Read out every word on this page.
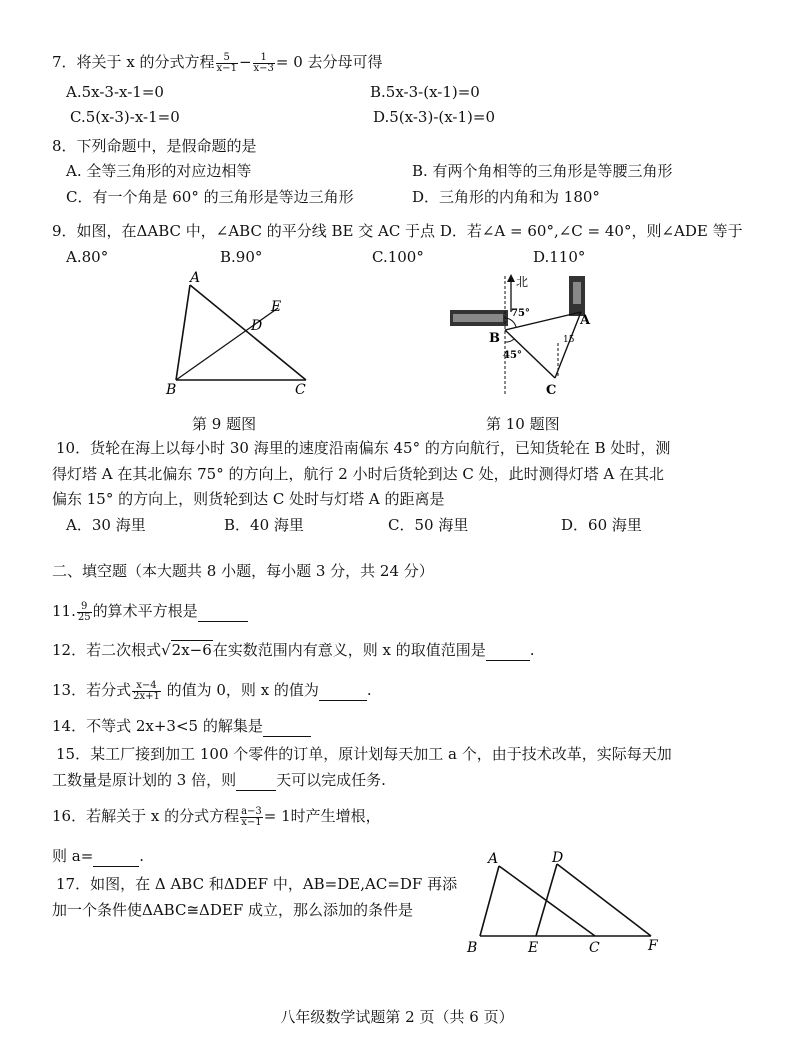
7．将关于 x 的分式方程 $\frac{5}{x-1} - \frac{1}{x-3} = 0$ 去分母可得
A.5x-3-x-1=0	B.5x-3-(x-1)=0
C.5(x-3)-x-1=0	D.5(x-3)-(x-1)=0
8．下列命题中，是假命题的是
A. 全等三角形的对应边相等	B. 有两个角相等的三角形是等腰三角形
C．有一个角是 60° 的三角形是等边三角形	D．三角形的内角和为 180°
9．如图，在ΔABC 中，∠ABC 的平分线 BE 交 AC 于点 D．若∠A = 60°,∠C = 40°，则∠ADE 等于
A.80°	B.90°	C.100°	D.110°
A
B	C
D
E
第 9 题图
北
75°
45°
15
B
A
C
第 10 题图
10．货轮在海上以每小时 30 海里的速度沿南偏东 45° 的方向航行，已知货轮在 B 处时，测
得灯塔 A 在其北偏东 75° 的方向上，航行 2 小时后货轮到达 C 处，此时测得灯塔 A 在其北
偏东 15° 的方向上，则货轮到达 C 处时与灯塔 A 的距离是
A．30 海里	B．40 海里	C．50 海里	D．60 海里
二、填空题（本大题共 8 小题，每小题 3 分，共 24 分）
11. $\frac{9}{25}$ 的算术平方根是
12．若二次根式√2x−6在实数范围内有意义，则 x 的取值范围是	.
13．若分式 $\frac{x-4}{2x+1}$ 的值为 0，则 x 的值为	.
14．不等式 2x+3<5 的解集是
15．某工厂接到加工 100 个零件的订单，原计划每天加工 a 个，由于技术改革，实际每天加
工数量是原计划的 3 倍，则	天可以完成任务.
16．若解关于 x 的分式方程 $\frac{a-3}{x-1} = 1$时产生增根，
则 a=	.
17．如图，在 Δ ABC 和ΔDEF 中，AB=DE,AC=DF 再添
加一个条件使ΔABC≅ΔDEF 成立，那么添加的条件是
A	D
B	E	C	F
八年级数学试题第 2 页（共 6 页）
